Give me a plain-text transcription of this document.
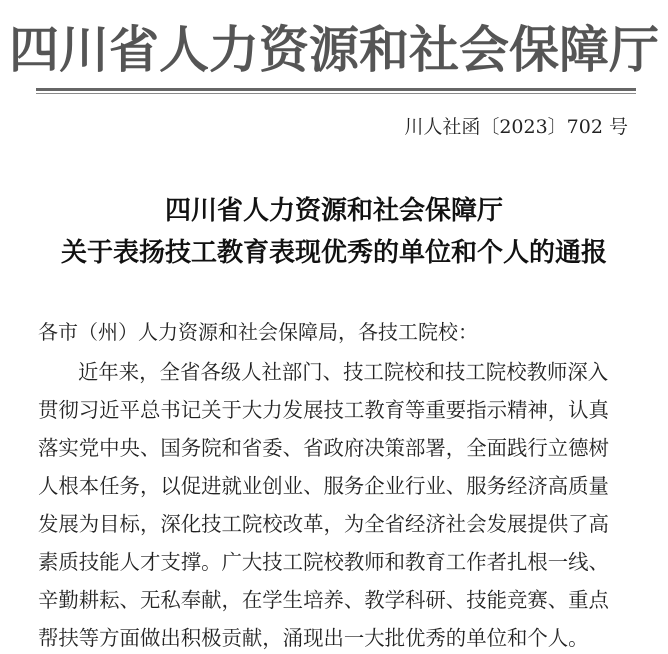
四川省人力资源和社会保障厅
川人社函〔2023〕702 号
四川省人力资源和社会保障厅
关于表扬技工教育表现优秀的单位和个人的通报
各市（州）人力资源和社会保障局，各技工院校：
近年来，全省各级人社部门、技工院校和技工院校教师深入
贯彻习近平总书记关于大力发展技工教育等重要指示精神，认真
落实党中央、国务院和省委、省政府决策部署，全面践行立德树
人根本任务，以促进就业创业、服务企业行业、服务经济高质量
发展为目标，深化技工院校改革，为全省经济社会发展提供了高
素质技能人才支撑。广大技工院校教师和教育工作者扎根一线、
辛勤耕耘、无私奉献，在学生培养、教学科研、技能竞赛、重点
帮扶等方面做出积极贡献，涌现出一大批优秀的单位和个人。
